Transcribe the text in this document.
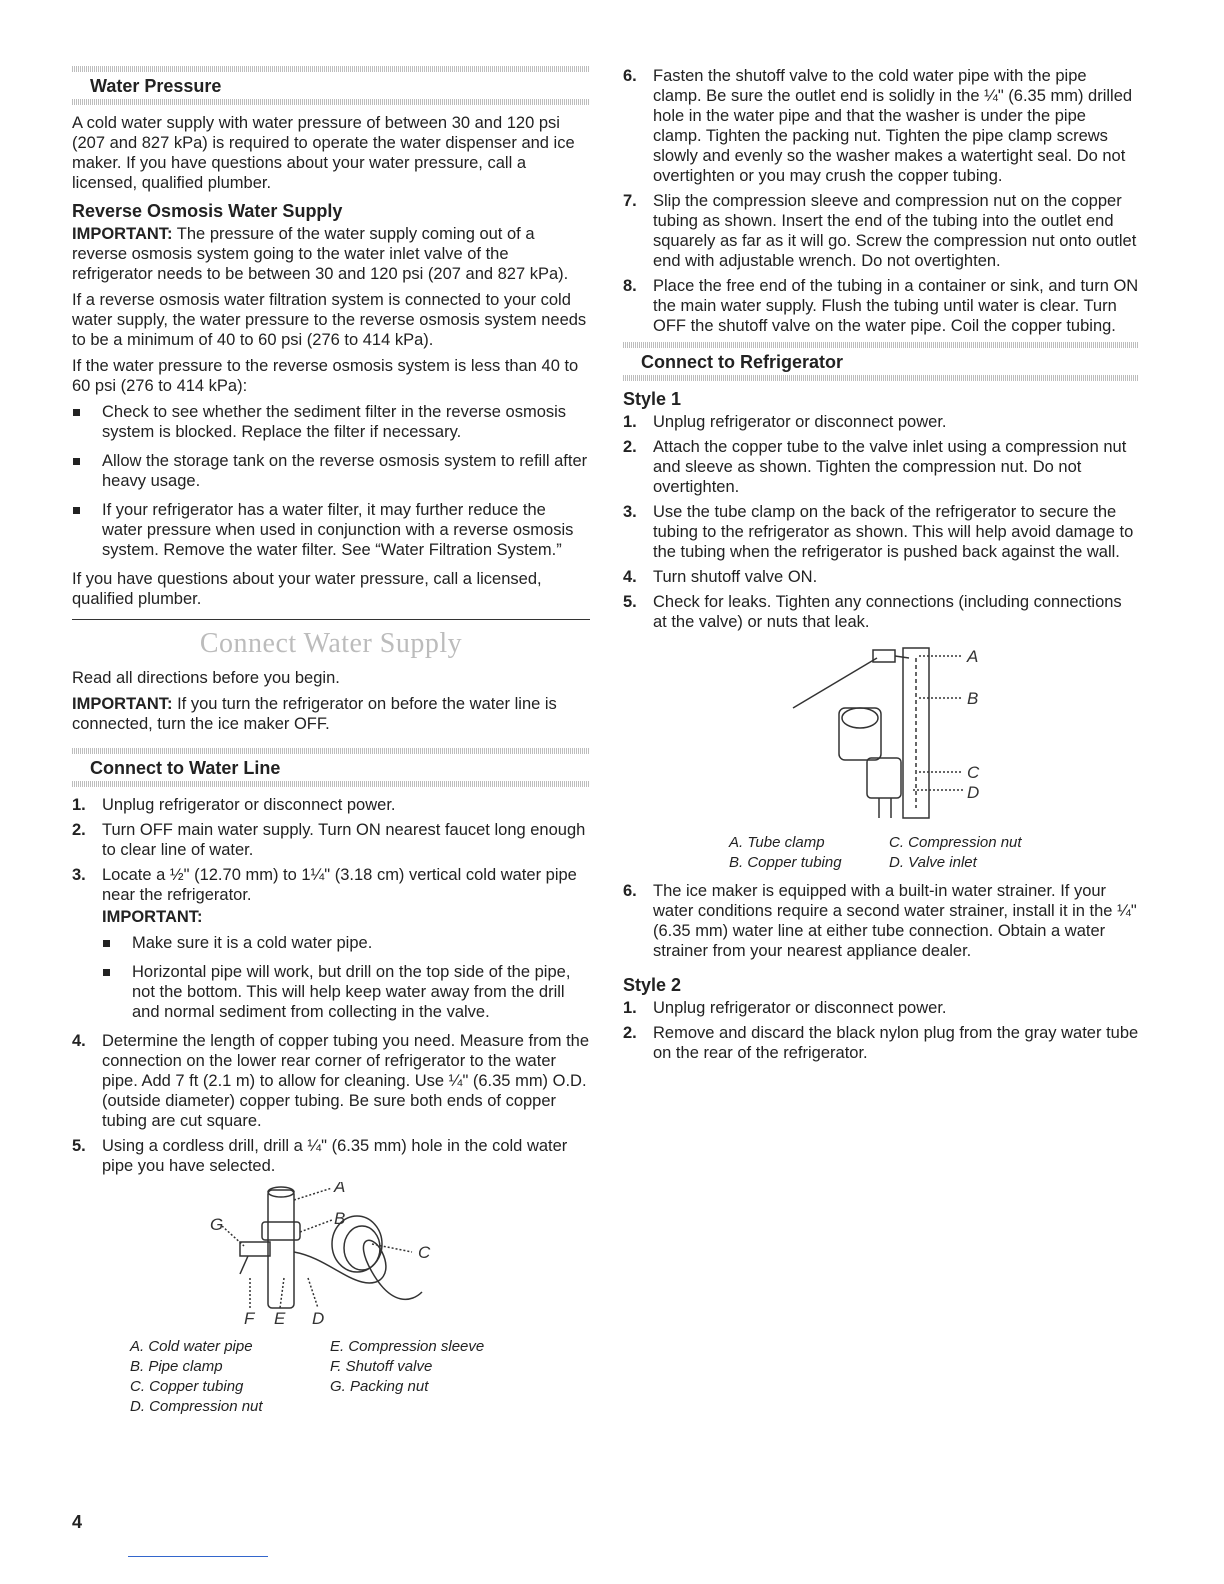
Water Pressure

A cold water supply with water pressure of between 30 and 120 psi (207 and 827 kPa) is required to operate the water dispenser and ice maker. If you have questions about your water pressure, call a licensed, qualified plumber.

Reverse Osmosis Water Supply

IMPORTANT: The pressure of the water supply coming out of a reverse osmosis system going to the water inlet valve of the refrigerator needs to be between 30 and 120 psi (207 and 827 kPa).

If a reverse osmosis water filtration system is connected to your cold water supply, the water pressure to the reverse osmosis system needs to be a minimum of 40 to 60 psi (276 to 414 kPa).

If the water pressure to the reverse osmosis system is less than 40 to 60 psi (276 to 414 kPa):

Check to see whether the sediment filter in the reverse osmosis system is blocked. Replace the filter if necessary.
Allow the storage tank on the reverse osmosis system to refill after heavy usage.
If your refrigerator has a water filter, it may further reduce the water pressure when used in conjunction with a reverse osmosis system. Remove the water filter. See “Water Filtration System.”

If you have questions about your water pressure, call a licensed, qualified plumber.

Connect Water Supply

Read all directions before you begin.

IMPORTANT: If you turn the refrigerator on before the water line is connected, turn the ice maker OFF.

Connect to Water Line
1. Unplug refrigerator or disconnect power.
2. Turn OFF main water supply. Turn ON nearest faucet long enough to clear line of water.
3. Locate a ½" (12.70 mm) to 1¼" (3.18 cm) vertical cold water pipe near the refrigerator.
IMPORTANT:
Make sure it is a cold water pipe.
Horizontal pipe will work, but drill on the top side of the pipe, not the bottom. This will help keep water away from the drill and normal sediment from collecting in the valve.
4. Determine the length of copper tubing you need. Measure from the connection on the lower rear corner of refrigerator to the water pipe. Add 7 ft (2.1 m) to allow for cleaning. Use ¼" (6.35 mm) O.D. (outside diameter) copper tubing. Be sure both ends of copper tubing are cut square.
5. Using a cordless drill, drill a ¼" (6.35 mm) hole in the cold water pipe you have selected.
A
B
C
D
E
F
G
A. Cold water pipe
B. Pipe clamp
C. Copper tubing
D. Compression nut
E. Compression sleeve
F. Shutoff valve
G. Packing nut
6. Fasten the shutoff valve to the cold water pipe with the pipe clamp. Be sure the outlet end is solidly in the ¼" (6.35 mm) drilled hole in the water pipe and that the washer is under the pipe clamp. Tighten the packing nut. Tighten the pipe clamp screws slowly and evenly so the washer makes a watertight seal. Do not overtighten or you may crush the copper tubing.
7. Slip the compression sleeve and compression nut on the copper tubing as shown. Insert the end of the tubing into the outlet end squarely as far as it will go. Screw the compression nut onto outlet end with adjustable wrench. Do not overtighten.
8. Place the free end of the tubing in a container or sink, and turn ON the main water supply. Flush the tubing until water is clear. Turn OFF the shutoff valve on the water pipe. Coil the copper tubing.
Connect to Refrigerator
Style 1
1. Unplug refrigerator or disconnect power.
2. Attach the copper tube to the valve inlet using a compression nut and sleeve as shown. Tighten the compression nut. Do not overtighten.
3. Use the tube clamp on the back of the refrigerator to secure the tubing to the refrigerator as shown. This will help avoid damage to the tubing when the refrigerator is pushed back against the wall.
4. Turn shutoff valve ON.
5. Check for leaks. Tighten any connections (including connections at the valve) or nuts that leak.
A
B
C
D
A. Tube clamp
B. Copper tubing
C. Compression nut
D. Valve inlet
6. The ice maker is equipped with a built-in water strainer. If your water conditions require a second water strainer, install it in the ¼" (6.35 mm) water line at either tube connection. Obtain a water strainer from your nearest appliance dealer.
Style 2
1. Unplug refrigerator or disconnect power.
2. Remove and discard the black nylon plug from the gray water tube on the rear of the refrigerator.
4
